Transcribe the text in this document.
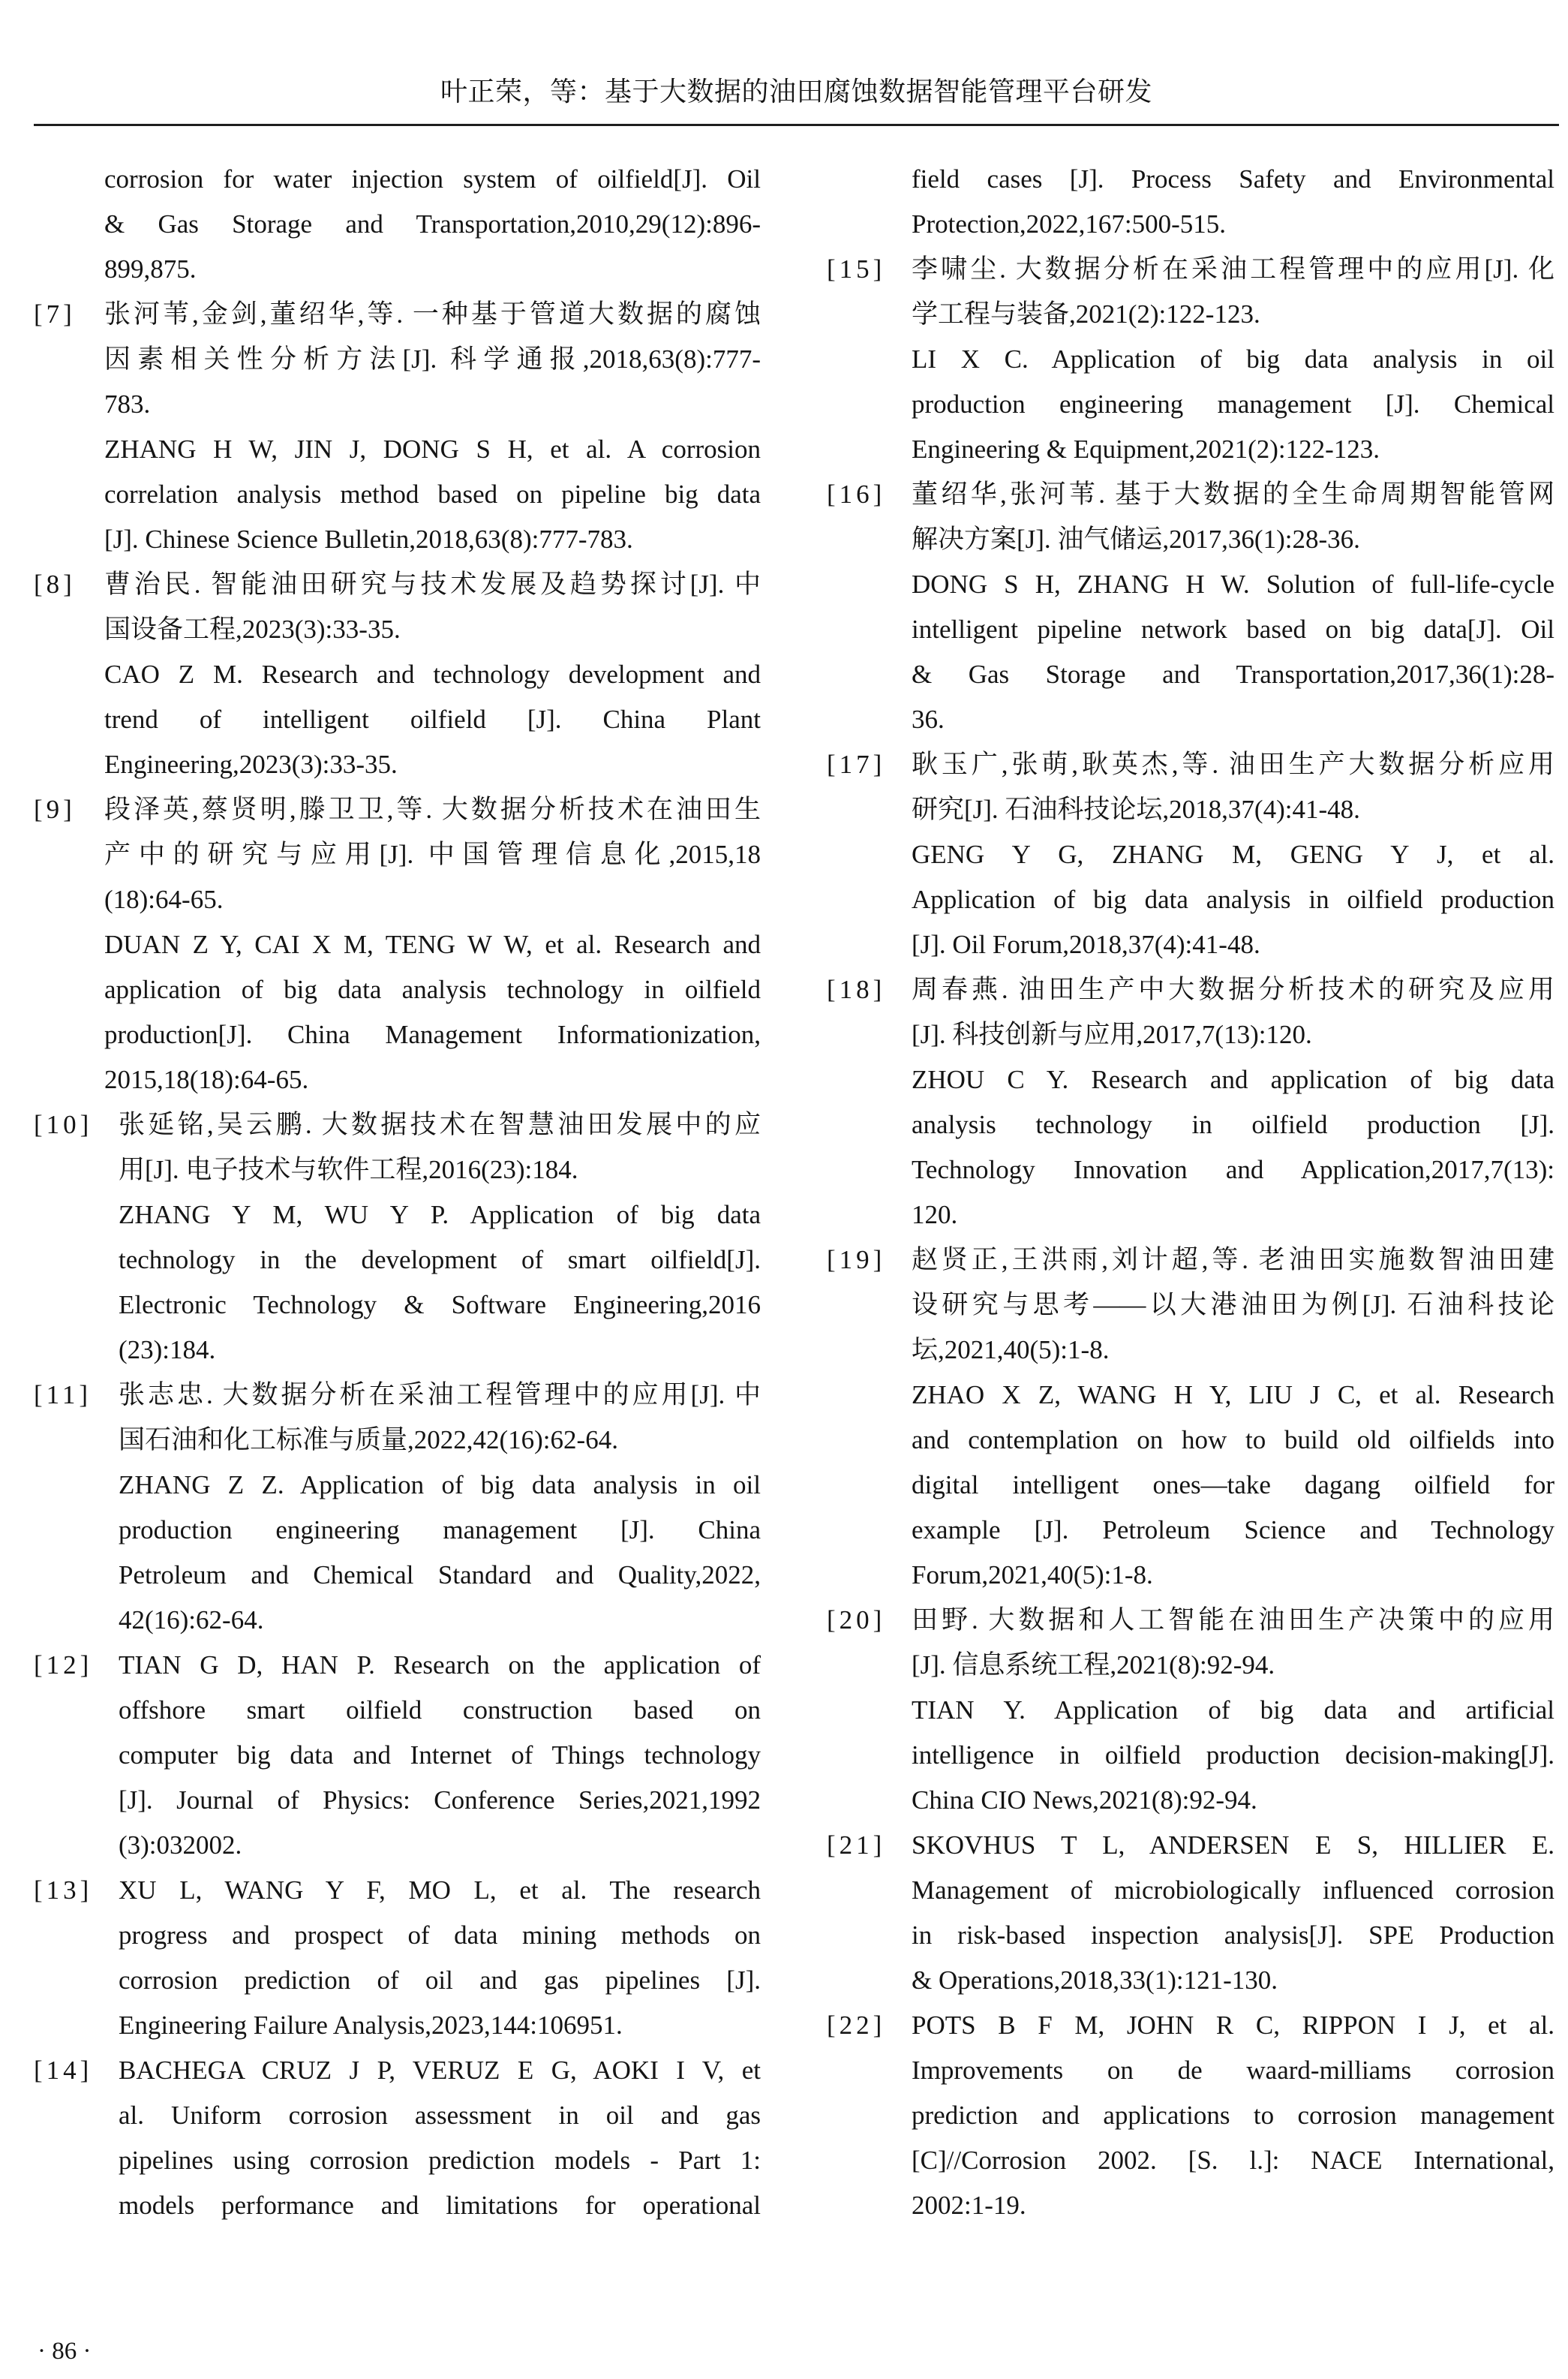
叶正荣，等：基于大数据的油田腐蚀数据智能管理平台研发
corrosion for water injection system of oilfield[J]. Oil
& Gas Storage and Transportation,2010,29(12):896-
899,875.
[7] 张河苇,金剑,董绍华,等. 一种基于管道大数据的腐蚀
因素相关性分析方法[J]. 科学通报,2018,63(8):777-
783.
ZHANG H W, JIN J, DONG S H, et al. A corrosion
correlation analysis method based on pipeline big data
[J]. Chinese Science Bulletin,2018,63(8):777-783.
[8] 曹治民. 智能油田研究与技术发展及趋势探讨[J]. 中
国设备工程,2023(3):33-35.
CAO Z M. Research and technology development and
trend of intelligent oilfield [J]. China Plant
Engineering,2023(3):33-35.
[9] 段泽英,蔡贤明,滕卫卫,等. 大数据分析技术在油田生
产中的研究与应用[J]. 中国管理信息化,2015,18
(18):64-65.
DUAN Z Y, CAI X M, TENG W W, et al. Research and
application of big data analysis technology in oilfield
production[J]. China Management Informationization,
2015,18(18):64-65.
[10] 张延铭,吴云鹏. 大数据技术在智慧油田发展中的应
用[J]. 电子技术与软件工程,2016(23):184.
ZHANG Y M, WU Y P. Application of big data
technology in the development of smart oilfield[J].
Electronic Technology & Software Engineering,2016
(23):184.
[11] 张志忠. 大数据分析在采油工程管理中的应用[J]. 中
国石油和化工标准与质量,2022,42(16):62-64.
ZHANG Z Z. Application of big data analysis in oil
production engineering management [J]. China
Petroleum and Chemical Standard and Quality,2022,
42(16):62-64.
[12] TIAN G D, HAN P. Research on the application of
offshore smart oilfield construction based on
computer big data and Internet of Things technology
[J]. Journal of Physics: Conference Series,2021,1992
(3):032002.
[13] XU L, WANG Y F, MO L, et al. The research
progress and prospect of data mining methods on
corrosion prediction of oil and gas pipelines [J].
Engineering Failure Analysis,2023,144:106951.
[14] BACHEGA CRUZ J P, VERUZ E G, AOKI I V, et
al. Uniform corrosion assessment in oil and gas
pipelines using corrosion prediction models - Part 1:
models performance and limitations for operational
field cases [J]. Process Safety and Environmental
Protection,2022,167:500-515.
[15] 李啸尘. 大数据分析在采油工程管理中的应用[J]. 化
学工程与装备,2021(2):122-123.
LI X C. Application of big data analysis in oil
production engineering management [J]. Chemical
Engineering & Equipment,2021(2):122-123.
[16] 董绍华,张河苇. 基于大数据的全生命周期智能管网
解决方案[J]. 油气储运,2017,36(1):28-36.
DONG S H, ZHANG H W. Solution of full-life-cycle
intelligent pipeline network based on big data[J]. Oil
& Gas Storage and Transportation,2017,36(1):28-
36.
[17] 耿玉广,张萌,耿英杰,等. 油田生产大数据分析应用
研究[J]. 石油科技论坛,2018,37(4):41-48.
GENG Y G, ZHANG M, GENG Y J, et al.
Application of big data analysis in oilfield production
[J]. Oil Forum,2018,37(4):41-48.
[18] 周春燕. 油田生产中大数据分析技术的研究及应用
[J]. 科技创新与应用,2017,7(13):120.
ZHOU C Y. Research and application of big data
analysis technology in oilfield production [J].
Technology Innovation and Application,2017,7(13):
120.
[19] 赵贤正,王洪雨,刘计超,等. 老油田实施数智油田建
设研究与思考——以大港油田为例[J]. 石油科技论
坛,2021,40(5):1-8.
ZHAO X Z, WANG H Y, LIU J C, et al. Research
and contemplation on how to build old oilfields into
digital intelligent ones—take dagang oilfield for
example [J]. Petroleum Science and Technology
Forum,2021,40(5):1-8.
[20] 田野. 大数据和人工智能在油田生产决策中的应用
[J]. 信息系统工程,2021(8):92-94.
TIAN Y. Application of big data and artificial
intelligence in oilfield production decision-making[J].
China CIO News,2021(8):92-94.
[21] SKOVHUS T L, ANDERSEN E S, HILLIER E.
Management of microbiologically influenced corrosion
in risk-based inspection analysis[J]. SPE Production
& Operations,2018,33(1):121-130.
[22] POTS B F M, JOHN R C, RIPPON I J, et al.
Improvements on de waard-milliams corrosion
prediction and applications to corrosion management
[C]//Corrosion 2002. [S. l.]: NACE International,
2002:1-19.
· 86 ·
